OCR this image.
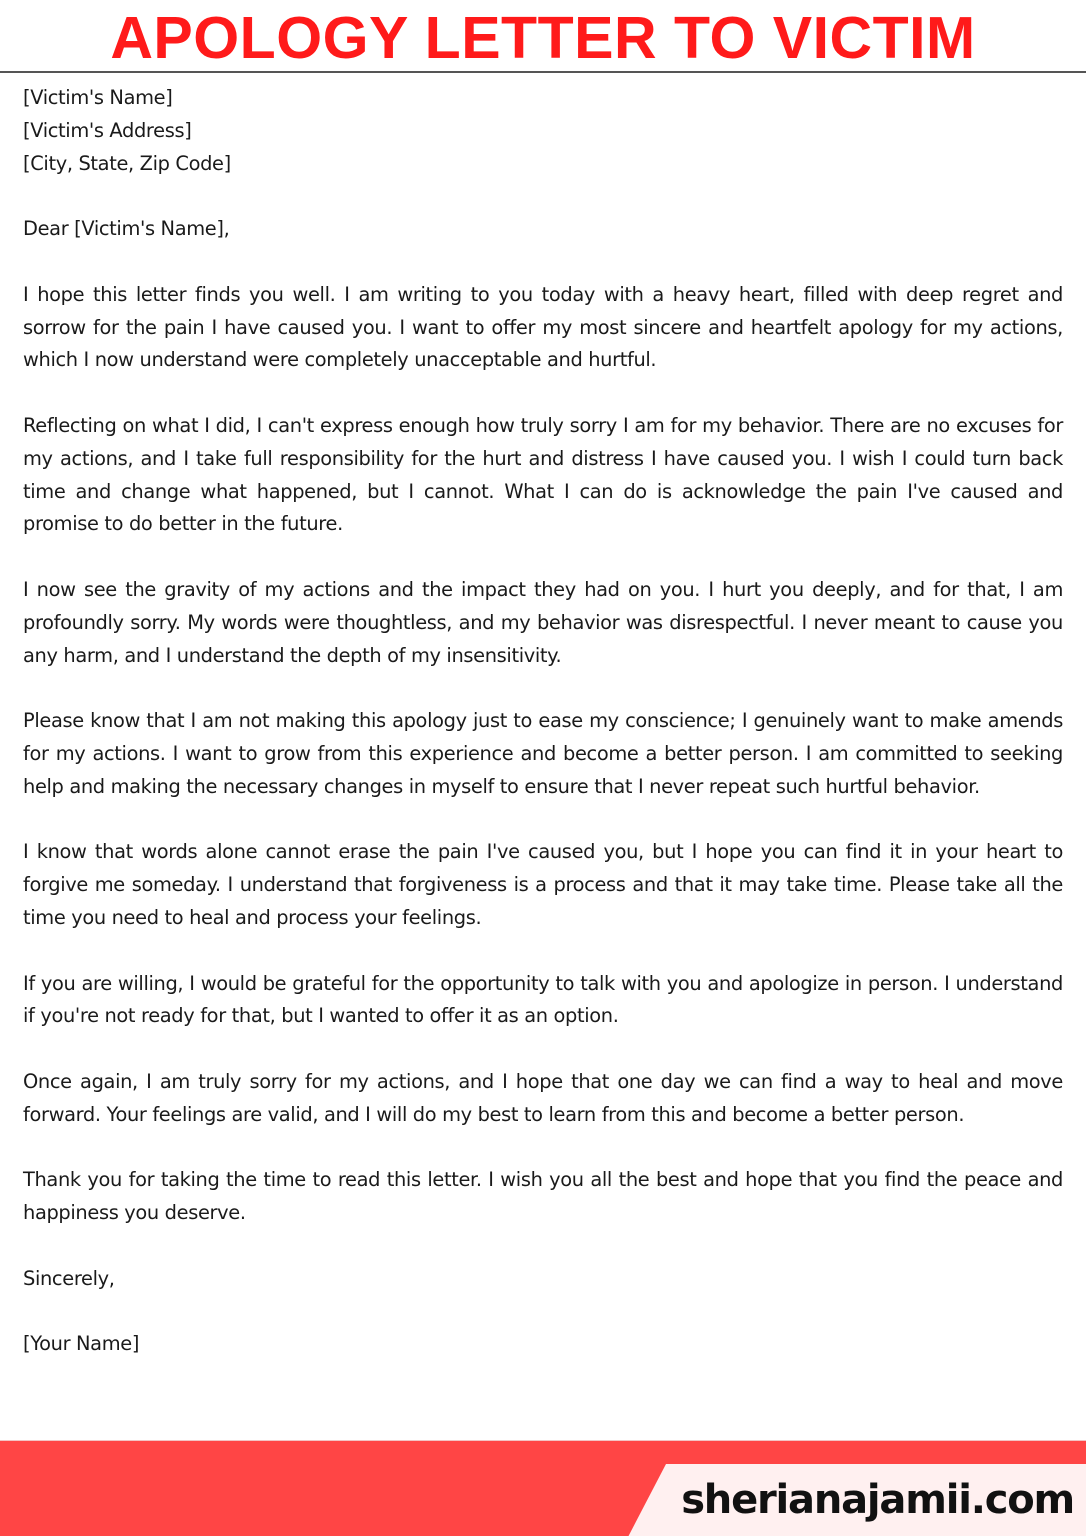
APOLOGY LETTER TO VICTIM
[Victim's Name]
[Victim's Address]
[City, State, Zip Code]

Dear [Victim's Name],

I hope this letter finds you well. I am writing to you today with a heavy heart, filled with deep regret and sorrow for the pain I have caused you. I want to offer my most sincere and heartfelt apology for my actions, which I now understand were completely unacceptable and hurtful.

Reflecting on what I did, I can't express enough how truly sorry I am for my behavior. There are no excuses for my actions, and I take full responsibility for the hurt and distress I have caused you. I wish I could turn back time and change what happened, but I cannot. What I can do is acknowledge the pain I've caused and promise to do better in the future.

I now see the gravity of my actions and the impact they had on you. I hurt you deeply, and for that, I am profoundly sorry. My words were thoughtless, and my behavior was disrespectful. I never meant to cause you any harm, and I understand the depth of my insensitivity.

Please know that I am not making this apology just to ease my conscience; I genuinely want to make amends for my actions. I want to grow from this experience and become a better person. I am committed to seeking help and making the necessary changes in myself to ensure that I never repeat such hurtful behavior.

I know that words alone cannot erase the pain I've caused you, but I hope you can find it in your heart to forgive me someday. I understand that forgiveness is a process and that it may take time. Please take all the time you need to heal and process your feelings.

If you are willing, I would be grateful for the opportunity to talk with you and apologize in person. I understand if you're not ready for that, but I wanted to offer it as an option.

Once again, I am truly sorry for my actions, and I hope that one day we can find a way to heal and move forward. Your feelings are valid, and I will do my best to learn from this and become a better person.

Thank you for taking the time to read this letter. I wish you all the best and hope that you find the peace and happiness you deserve.

Sincerely,

[Your Name]

sherianajamii.com
